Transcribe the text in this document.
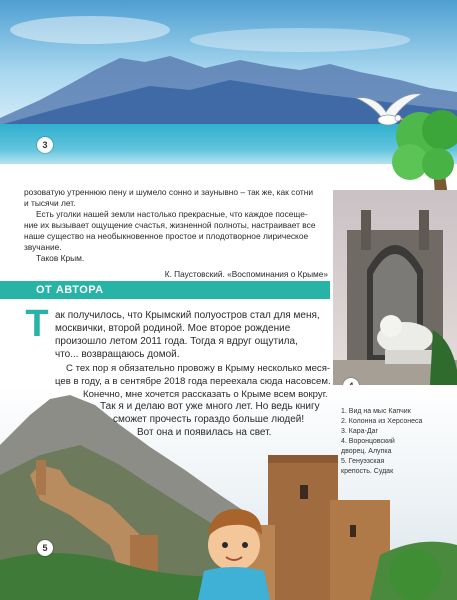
3

розоватую утреннюю пену и шумело сонно и заунывно – так же, как сотни

и тысячи лет.

Есть уголки нашей земли настолько прекрасные, что каждое посеще-

ние их вызывает ощущение счастья, жизненной полноты, настраивает все

наше существо на необыкновенное простое и плодотворное лирическое

звучание.

Таков Крым.

К. Паустовский. «Воспоминания о Крыме»
ОТ АВТОРА
5
Т ак получилось, что Крымский полуостров стал для меня,
москвички, второй родиной. Мое второе рождение
произошло летом 2011 года. Тогда я вдруг ощутила,
что... возвращаюсь домой.
С тех пор я обязательно провожу в Крыму несколько меся-
цев в году, а в сентябре 2018 года переехала сюда насовсем.
Конечно, мне хочется рассказать о Крыме всем вокруг.
Так я и делаю вот уже много лет. Но ведь книгу
сможет прочесть гораздо больше людей!
Вот она и появилась на свет.
1. Вид на мыс Капчик
2. Колонна из Херсонеса
3. Кара-Даг
4. Воронцовский
дворец. Алупка
5. Генуэзская
крепость. Судак
